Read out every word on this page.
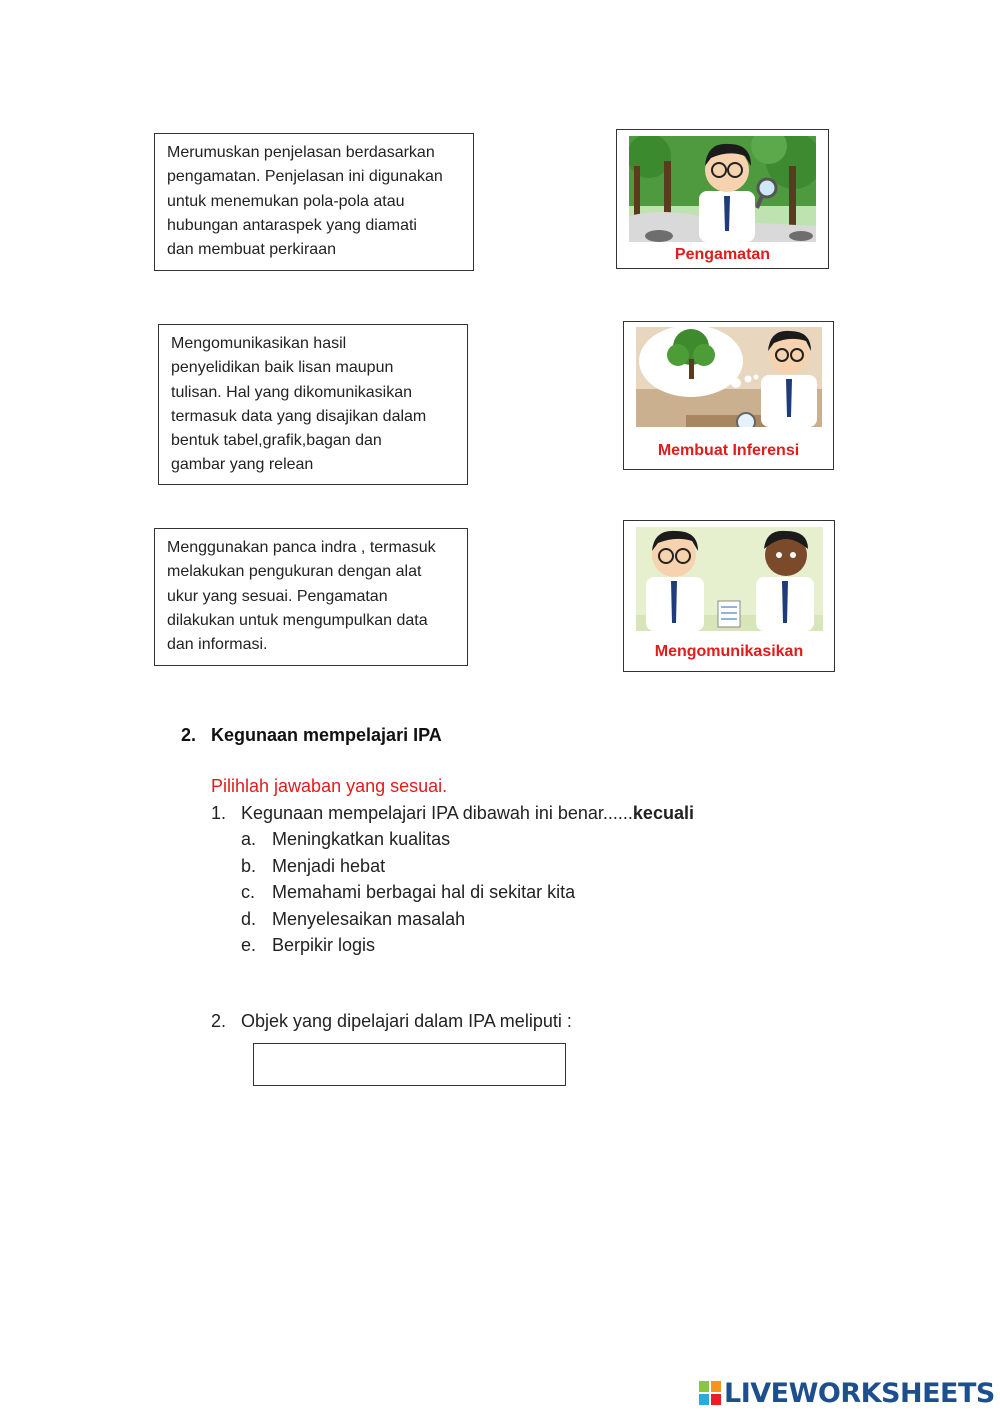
Merumuskan penjelasan berdasarkan
pengamatan. Penjelasan ini digunakan
untuk menemukan pola-pola atau
hubungan antaraspek yang diamati
dan membuat perkiraan
Mengomunikasikan hasil
penyelidikan baik lisan maupun
tulisan. Hal yang dikomunikasikan
termasuk data yang disajikan dalam
bentuk tabel,grafik,bagan dan
gambar yang relean
Menggunakan panca indra , termasuk
melakukan pengukuran dengan alat
ukur yang sesuai. Pengamatan
dilakukan untuk mengumpulkan data
dan informasi.
Pengamatan
Membuat Inferensi
Mengomunikasikan
2. Kegunaan mempelajari IPA
Pilihlah jawaban yang sesuai.
1. Kegunaan mempelajari IPA dibawah ini benar......kecuali
a. Meningkatkan kualitas
b. Menjadi hebat
c. Memahami berbagai hal di sekitar kita
d. Menyelesaikan masalah
e. Berpikir logis
2. Objek yang dipelajari dalam IPA meliputi :
LIVEWORKSHEETS
